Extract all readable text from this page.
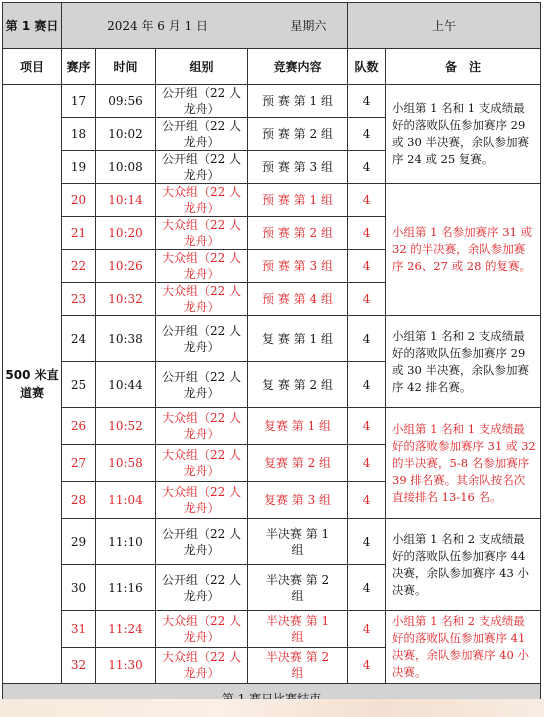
第 1 赛日	2024 年 6 月 1 日 星期六				上午	
项目	赛序	时间	组别	竞赛内容	队数	备　注
500 米直道赛	17	09:56	公开组（22 人龙舟）	预 赛 第 1 组	4	小组第 1 名和 1 支成绩最好的落败队伍参加赛序 29 或 30 半决赛，余队参加赛序 24 或 25 复赛。
	18	10:02	公开组（22 人龙舟）	预 赛 第 2 组	4	
	19	10:08	公开组（22 人龙舟）	预 赛 第 3 组	4	
	20	10:14	大众组（22 人龙舟）	预 赛 第 1 组	4	小组第 1 名参加赛序 31 或 32 的半决赛，余队参加赛序 26、27 或 28 的复赛。
	21	10:20	大众组（22 人龙舟）	预 赛 第 2 组	4	
	22	10:26	大众组（22 人龙舟）	预 赛 第 3 组	4	
	23	10:32	大众组（22 人龙舟）	预 赛 第 4 组	4	
	24	10:38	公开组（22 人龙舟）	复 赛 第 1 组	4	小组第 1 名和 2 支成绩最好的落败队伍参加赛序 29 或 30 半决赛，余队参加赛序 42 排名赛。
	25	10:44	公开组（22 人龙舟）	复 赛 第 2 组	4	
	26	10:52	大众组（22 人龙舟）	复赛 第 1 组	4	小组第 1 名和 1 支成绩最好的落败参加赛序 31 或 32 的半决赛，5-8 名参加赛序 39 排名赛。其余队按名次直接排名 13-16 名。
	27	10:58	大众组（22 人龙舟）	复赛 第 2 组	4	
	28	11:04	大众组（22 人龙舟）	复赛 第 3 组	4	
	29	11:10	公开组（22 人龙舟）	半决赛 第 1 组	4	小组第 1 名和 2 支成绩最好的落败队伍参加赛序 44 决赛，余队参加赛序 43 小决赛。
	30	11:16	公开组（22 人龙舟）	半决赛 第 2 组	4	
	31	11:24	大众组（22 人龙舟）	半决赛 第 1 组	4	小组第 1 名和 2 支成绩最好的落败队伍参加赛序 41 决赛，余队参加赛序 40 小决赛。
	32	11:30	大众组（22 人龙舟）	半决赛 第 2 组	4	
